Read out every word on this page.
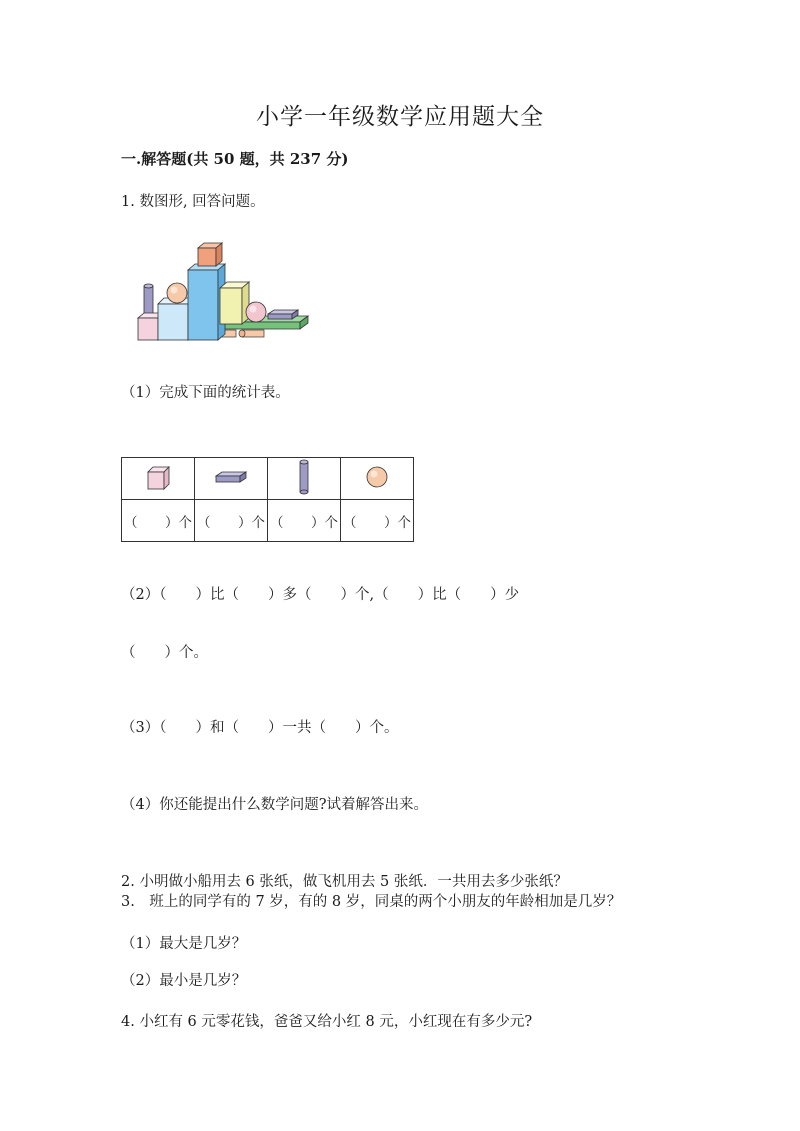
小学一年级数学应用题大全
一.解答题(共 50 题，共 237 分)
1. 数图形, 回答问题。
（1）完成下面的统计表。

（ ）个	（ ）个	（ ）个	（ ）个
（2）（　　）比（　　）多（　　）个,（　　）比（　　）少
（　　）个。
（3）（　　）和（　　）一共（　　）个。
（4）你还能提出什么数学问题?试着解答出来。
2. 小明做小船用去 6 张纸，做飞机用去 5 张纸．一共用去多少张纸？
3.　班上的同学有的 7 岁，有的 8 岁，同桌的两个小朋友的年龄相加是几岁？
（1）最大是几岁？
（2）最小是几岁？
4. 小红有 6 元零花钱，爸爸又给小红 8 元，小红现在有多少元?
